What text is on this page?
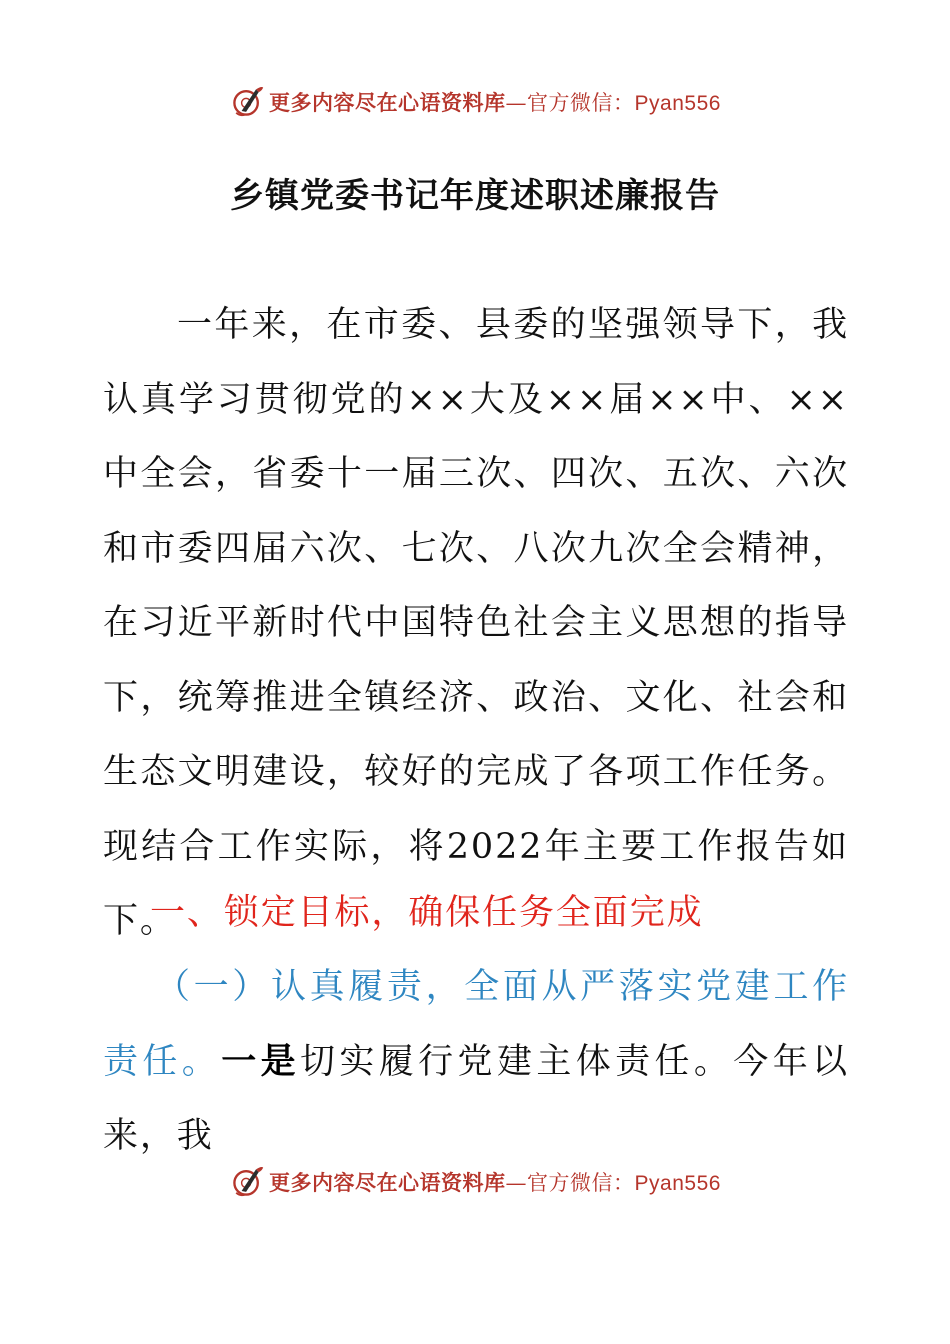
更多内容尽在心语资料库—官方微信：Pyan556
乡镇党委书记年度述职述廉报告

一年来，在市委、县委的坚强领导下，我认真学习贯彻党的××大及××届××中、××中全会，省委十一届三次、四次、五次、六次和市委四届六次、七次、八次九次全会精神，在习近平新时代中国特色社会主义思想的指导下，统筹推进全镇经济、政治、文化、社会和生态文明建设，较好的完成了各项工作任务。现结合工作实际，将2022年主要工作报告如下。

一、锁定目标，确保任务全面完成

（一）认真履责，全面从严落实党建工作责任。一是切实履行党建主体责任。今年以来，我

更多内容尽在心语资料库—官方微信：Pyan556
